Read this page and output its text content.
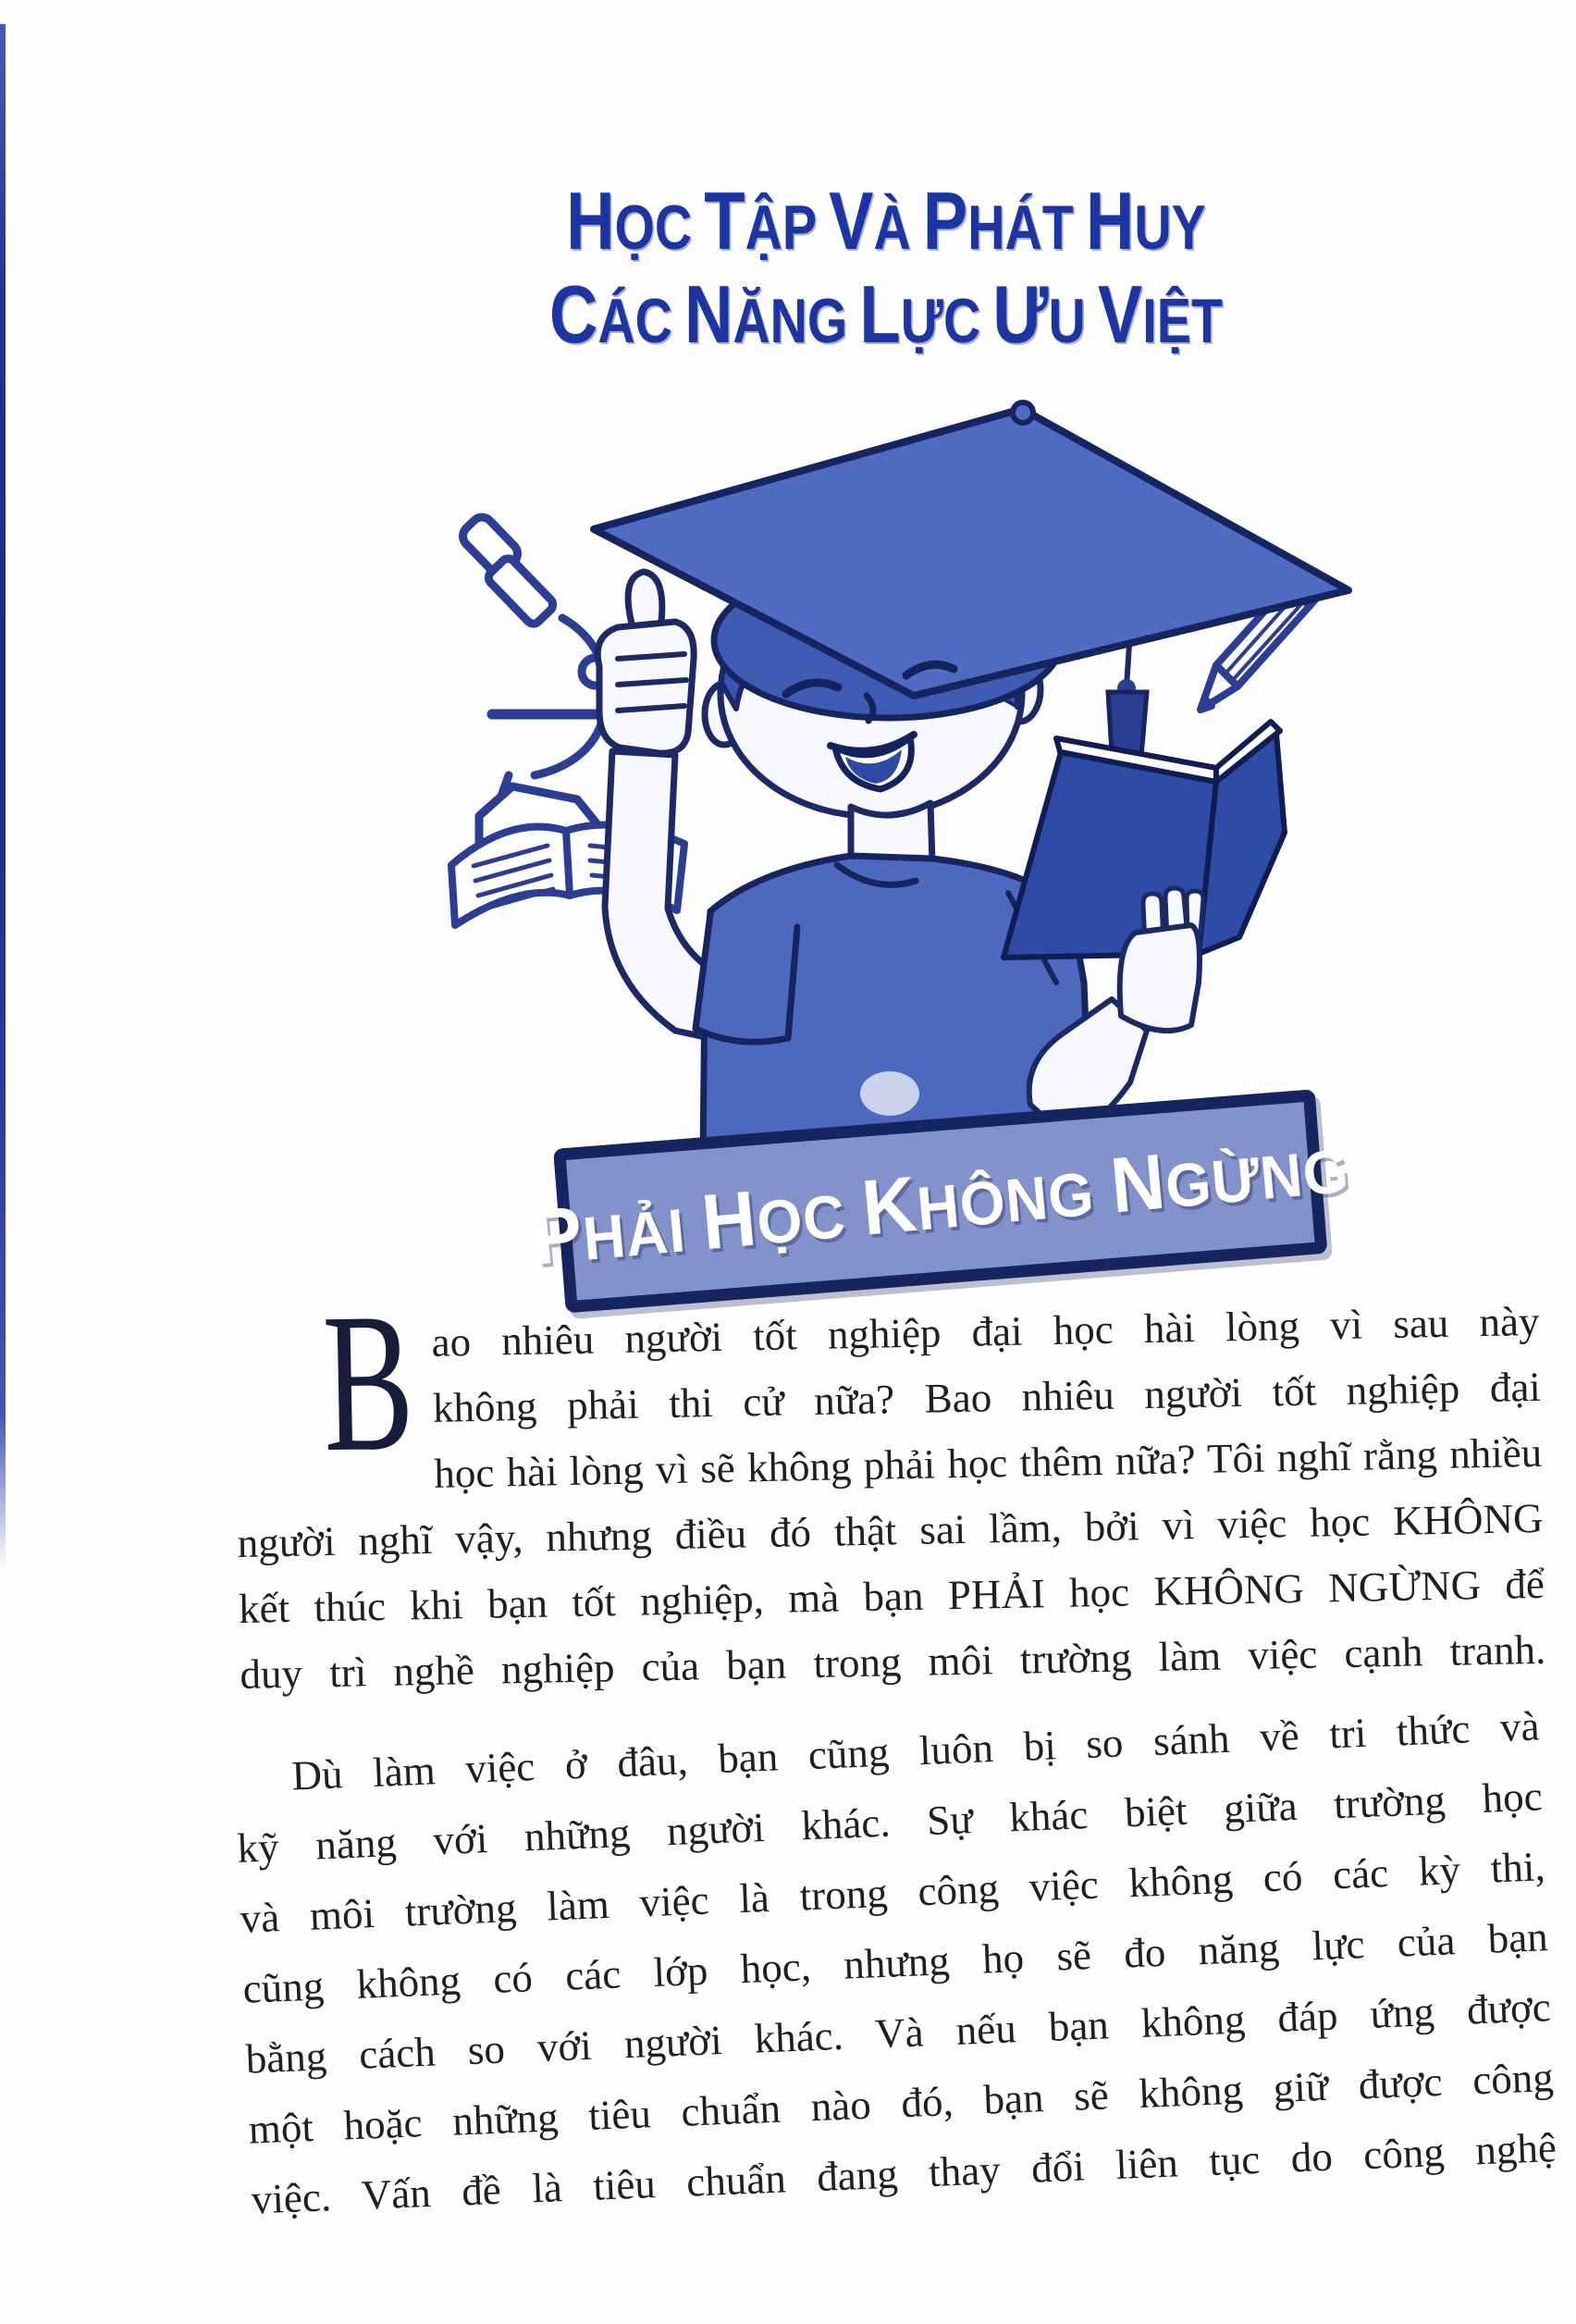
HỌC TẬP VÀ PHÁT HUY
CÁC NĂNG LỰC ƯU VIỆT
PHẢI HỌC KHÔNG NGỪNG
B ao nhiêu người tốt nghiệp đại học hài lòng vì sau này
không phải thi cử nữa? Bao nhiêu người tốt nghiệp đại
học hài lòng vì sẽ không phải học thêm nữa? Tôi nghĩ rằng nhiều
người nghĩ vậy, nhưng điều đó thật sai lầm, bởi vì việc học KHÔNG
kết thúc khi bạn tốt nghiệp, mà bạn PHẢI học KHÔNG NGỪNG để
duy trì nghề nghiệp của bạn trong môi trường làm việc cạnh tranh.
Dù làm việc ở đâu, bạn cũng luôn bị so sánh về tri thức và
kỹ năng với những người khác. Sự khác biệt giữa trường học
và môi trường làm việc là trong công việc không có các kỳ thi,
cũng không có các lớp học, nhưng họ sẽ đo năng lực của bạn
bằng cách so với người khác. Và nếu bạn không đáp ứng được
một hoặc những tiêu chuẩn nào đó, bạn sẽ không giữ được công
việc. Vấn đề là tiêu chuẩn đang thay đổi liên tục do công nghệ
